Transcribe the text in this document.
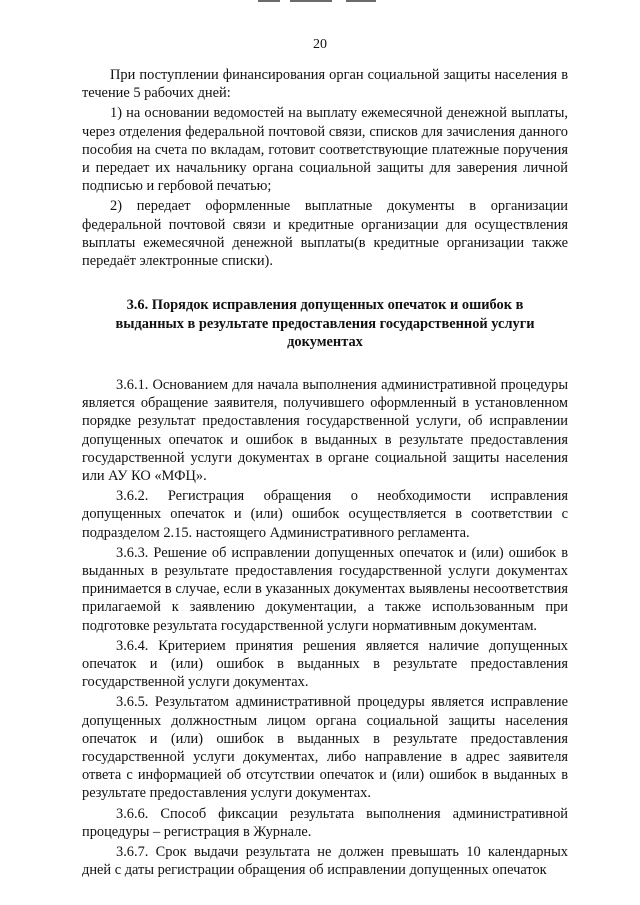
20

При поступлении финансирования орган социальной защиты населения в течение 5 рабочих дней:

1) на основании ведомостей на выплату ежемесячной денежной выплаты, через отделения федеральной почтовой связи, списков для зачисления данного пособия на счета по вкладам, готовит соответствующие платежные поручения и передает их начальнику органа социальной защиты для заверения личной подписью и гербовой печатью;

2) передает оформленные выплатные документы в организации федеральной почтовой связи и кредитные организации для осуществления выплаты ежемесячной денежной выплаты(в кредитные организации также передаёт электронные списки).

3.6. Порядок исправления допущенных опечаток и ошибок в выданных в результате предоставления государственной услуги документах

3.6.1. Основанием для начала выполнения административной процедуры является обращение заявителя, получившего оформленный в установленном порядке результат предоставления государственной услуги, об исправлении допущенных опечаток и ошибок в выданных в результате предоставления государственной услуги документах в органе социальной защиты населения или АУ КО «МФЦ».

3.6.2. Регистрация обращения о необходимости исправления допущенных опечаток и (или) ошибок осуществляется в соответствии с подразделом 2.15. настоящего Административного регламента.

3.6.3. Решение об исправлении допущенных опечаток и (или) ошибок в выданных в результате предоставления государственной услуги документах принимается в случае, если в указанных документах выявлены несоответствия прилагаемой к заявлению документации, а также использованным при подготовке результата государственной услуги нормативным документам.

3.6.4. Критерием принятия решения является наличие допущенных опечаток и (или) ошибок в выданных в результате предоставления государственной услуги документах.

3.6.5. Результатом административной процедуры является исправление допущенных должностным лицом органа социальной защиты населения опечаток и (или) ошибок в выданных в результате предоставления государственной услуги документах, либо направление в адрес заявителя ответа с информацией об отсутствии опечаток и (или) ошибок в выданных в результате предоставления услуги документах.

3.6.6. Способ фиксации результата выполнения административной процедуры – регистрация в Журнале.

3.6.7. Срок выдачи результата не должен превышать 10 календарных дней с даты регистрации обращения об исправлении допущенных опечаток
